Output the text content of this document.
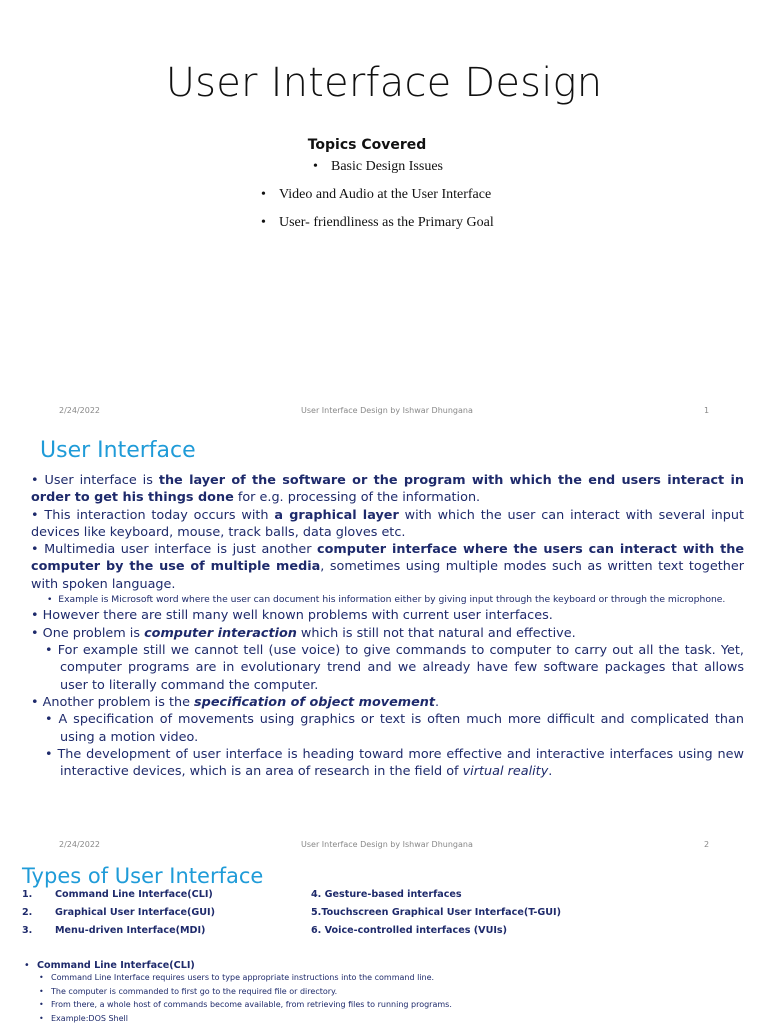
User Interface Design
Topics Covered
• Basic Design Issues
• Video and Audio at the User Interface
• User- friendliness as the Primary Goal
2/24/2022	User Interface Design by Ishwar Dhungana	1
User Interface
• User interface is the layer of the software or the program with which the end users interact in order to get his things done for e.g. processing of the information.
• This interaction today occurs with a graphical layer with which the user can interact with several input devices like keyboard, mouse, track balls, data gloves etc.
• Multimedia user interface is just another computer interface where the users can interact with the computer by the use of multiple media, sometimes using multiple modes such as written text together with spoken language.
• Example is Microsoft word where the user can document his information either by giving input through the keyboard or through the microphone.
• However there are still many well known problems with current user interfaces.
• One problem is computer interaction which is still not that natural and effective.
• For example still we cannot tell (use voice) to give commands to computer to carry out all the task. Yet, computer programs are in evolutionary trend and we already have few software packages that allows user to literally command the computer.
• Another problem is the specification of object movement.
• A specification of movements using graphics or text is often much more difficult and complicated than using a motion video.
• The development of user interface is heading toward more effective and interactive interfaces using new interactive devices, which is an area of research in the field of virtual reality.
2/24/2022	User Interface Design by Ishwar Dhungana	2
Types of User Interface
1.	Command Line Interface(CLI)
2.	Graphical User Interface(GUI)
3.	Menu-driven Interface(MDI)
4. Gesture-based interfaces
5.Touchscreen Graphical User Interface(T-GUI)
6. Voice-controlled interfaces (VUIs)
• Command Line Interface(CLI)
• Command Line Interface requires users to type appropriate instructions into the command line.
• The computer is commanded to first go to the required file or directory.
• From there, a whole host of commands become available, from retrieving files to running programs.
• Example:DOS Shell
